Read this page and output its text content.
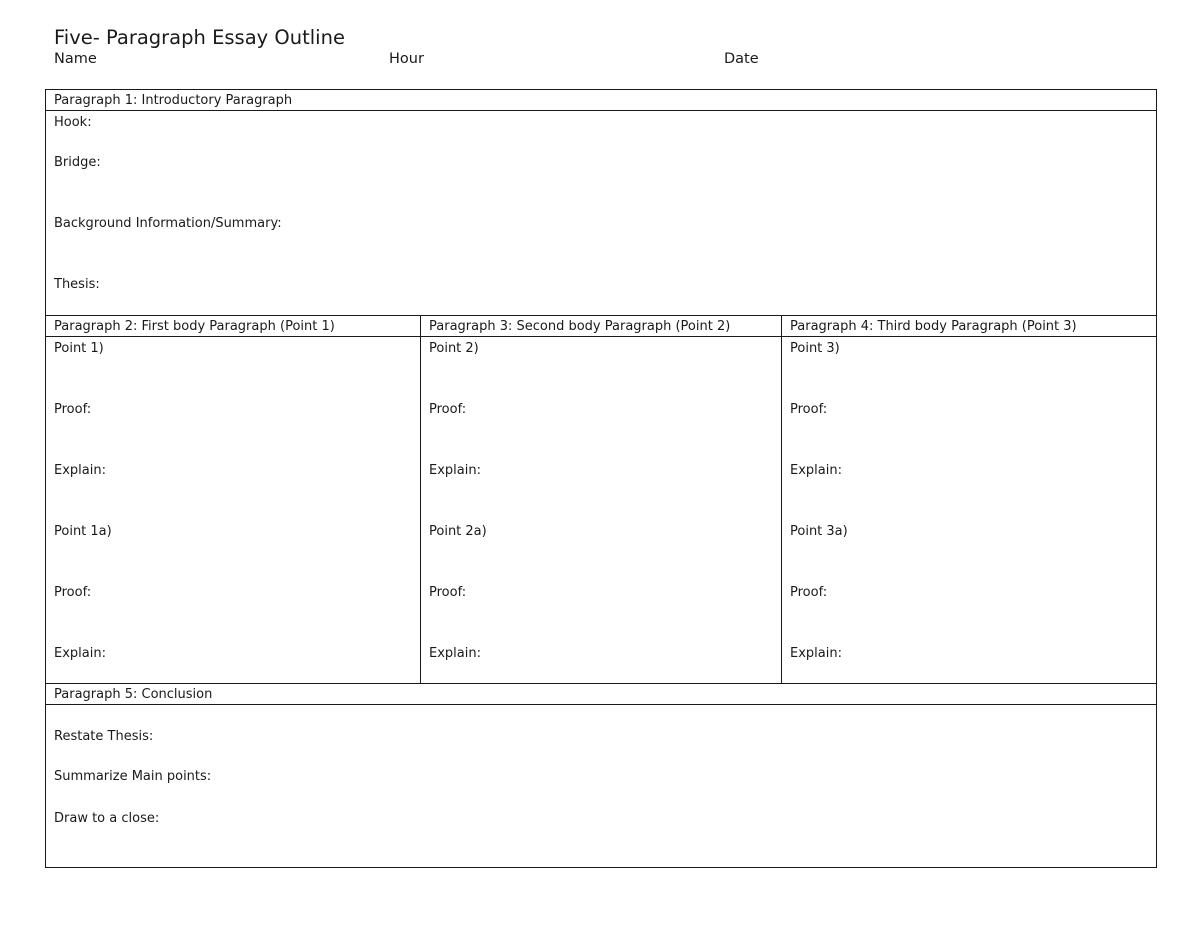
Five- Paragraph Essay Outline
Name	Hour	Date
Paragraph 1: Introductory Paragraph
Hook:
Bridge:
Background Information/Summary:
Thesis:
Paragraph 2: First body Paragraph (Point 1)
Point 1)
Proof:
Explain:
Point 1a)
Proof:
Explain:
Paragraph 3: Second body Paragraph (Point 2)
Point 2)
Proof:
Explain:
Point 2a)
Proof:
Explain:
Paragraph 4: Third body Paragraph (Point 3)
Point 3)
Proof:
Explain:
Point 3a)
Proof:
Explain:
Paragraph 5: Conclusion
Restate Thesis:
Summarize Main points:
Draw to a close:
